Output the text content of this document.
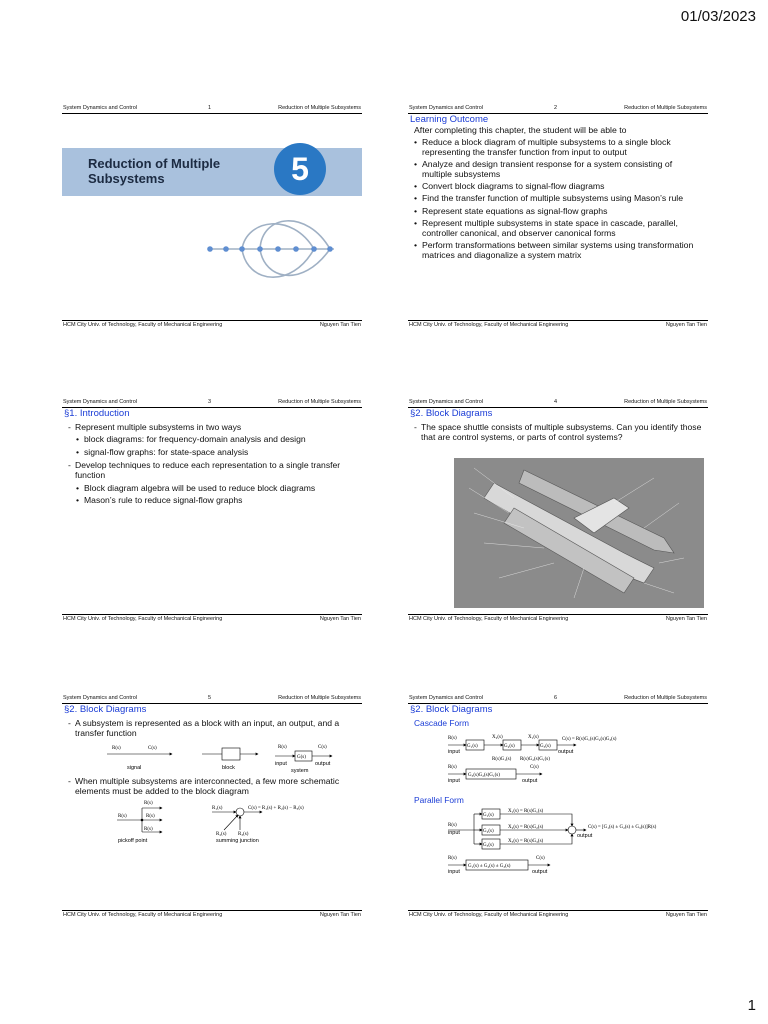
01/03/2023
1
System Dynamics and Control	1	Reduction of Multiple Subsystems
Reduction of Multiple Subsystems	5
HCM City Univ. of Technology, Faculty of Mechanical Engineering	Nguyen Tan Tien
System Dynamics and Control	2	Reduction of Multiple Subsystems
Learning Outcome

After completing this chapter, the student will be able to

• Reduce a block diagram of multiple subsystems to a single block representing the transfer function from input to output
• Analyze and design transient response for a system consisting of multiple subsystems
• Convert block diagrams to signal-flow diagrams
• Find the transfer function of multiple subsystems using Mason’s rule
• Represent state equations as signal-flow graphs
• Represent multiple subsystems in state space in cascade, parallel, controller canonical, and observer canonical forms
• Perform transformations between similar systems using transformation matrices and diagonalize a system matrix
HCM City Univ. of Technology, Faculty of Mechanical Engineering	Nguyen Tan Tien
System Dynamics and Control	3	Reduction of Multiple Subsystems
§1. Introduction
- Represent multiple subsystems in two ways
• block diagrams: for frequency-domain analysis and design
• signal-flow graphs: for state-space analysis
- Develop techniques to reduce each representation to a single transfer function
• Block diagram algebra will be used to reduce block diagrams
• Mason’s rule to reduce signal-flow graphs
HCM City Univ. of Technology, Faculty of Mechanical Engineering	Nguyen Tan Tien
System Dynamics and Control	4	Reduction of Multiple Subsystems
§2. Block Diagrams
- The space shuttle consists of multiple subsystems. Can you identify those that are control systems, or parts of control systems?
HCM City Univ. of Technology, Faculty of Mechanical Engineering	Nguyen Tan Tien
System Dynamics and Control	5	Reduction of Multiple Subsystems
§2. Block Diagrams
- A subsystem is represented as a block with an input, an output, and a transfer function
R(s)	C(s)
signal	block
R(s)	C(s)
G(s)
input	output
system
- When multiple subsystems are interconnected, a few more schematic elements must be added to the block diagram
R(s)
R(s)	R(s)
R(s)
pickoff point
R₁(s)	C(s) = R₁(s) + R₂(s) − R₃(s)
R₂(s) R₃(s)
summing junction
HCM City Univ. of Technology, Faculty of Mechanical Engineering	Nguyen Tan Tien
System Dynamics and Control	6	Reduction of Multiple Subsystems
§2. Block Diagrams
Cascade Form
R(s)
G₁(s)
X₂(s)
G₂(s)
X₁(s)
G₃(s)
C(s) = R(s)G₁(s)G₂(s)G₃(s)
input	output
R(s)G₁(s) R(s)G₂(s)G₁(s)
R(s)	C(s)
G₃(s)G₂(s)G₁(s)
input	output
Parallel Form
R(s)
G₁(s)
G₂(s)
G₃(s)
X₁(s) = R(s)G₁(s)
X₂(s) = R(s)G₂(s)
X₃(s) = R(s)G₃(s)
C(s) = [G₁(s) ± G₂(s) ± G₃(s)]R(s)
input	output
R(s)	C(s)
G₁(s) ± G₂(s) ± G₃(s)
input	output
HCM City Univ. of Technology, Faculty of Mechanical Engineering	Nguyen Tan Tien
